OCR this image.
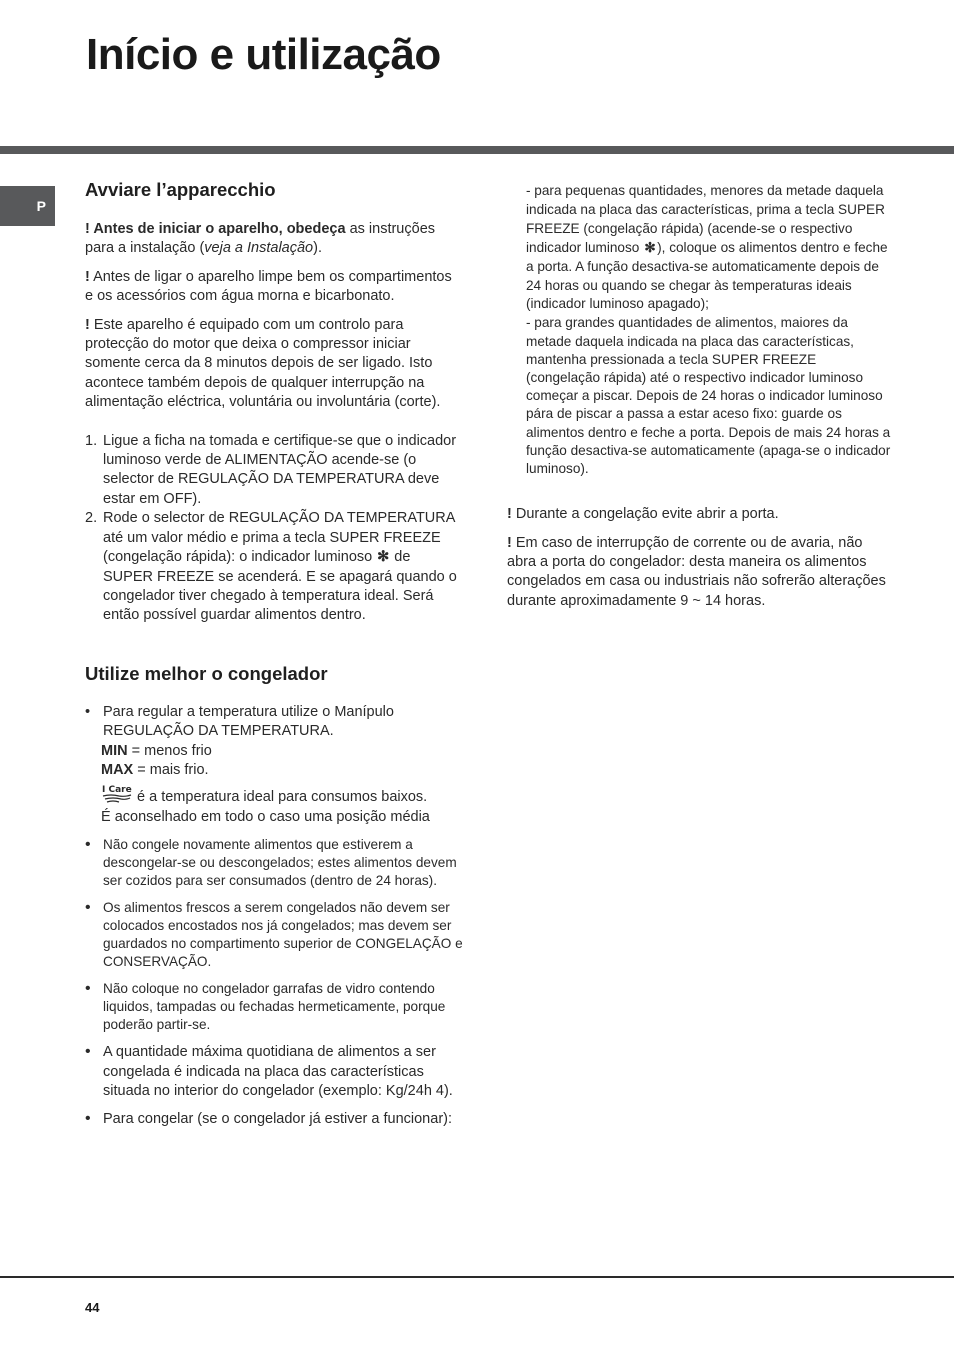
Início e utilização
P
Avviare l’apparecchio

! Antes de iniciar o aparelho, obedeça as instruções para a instalação (veja a Instalação).

! Antes de ligar o aparelho limpe bem os compartimentos e os acessórios com água morna e bicarbonato.

! Este aparelho é equipado com um controlo para protecção do motor que deixa o compressor iniciar somente cerca da 8 minutos depois de ser ligado. Isto acontece também depois de qualquer interrupção na alimentação eléctrica, voluntária ou involuntária (corte).

1. Ligue a ficha na tomada e certifique-se que o indicador luminoso verde de ALIMENTAÇÃO acende-se (o selector de REGULAÇÃO DA TEMPERATURA deve estar em OFF).
2. Rode o selector de REGULAÇÃO DA TEMPERATURA até um valor médio e prima a tecla SUPER FREEZE (congelação rápida): o indicador luminoso ✻ de SUPER FREEZE se acenderá. E se apagará quando o congelador tiver chegado à temperatura ideal. Será então possível guardar alimentos dentro.
Utilize melhor o congelador

• Para regular a temperatura utilize o Manípulo REGULAÇÃO DA TEMPERATURA.

MIN = menos frio

MAX = mais frio.

I Care é a temperatura ideal para consumos baixos.

É aconselhado em todo o caso uma posição média

• Não congele novamente alimentos que estiverem a descongelar-se ou descongelados; estes alimentos devem ser cozidos para ser consumados (dentro de 24 horas).

• Os alimentos frescos a serem congelados não devem ser colocados encostados nos já congelados; mas devem ser guardados no compartimento superior de CONGELAÇÃO e CONSERVAÇÃO.

• Não coloque no congelador garrafas de vidro contendo liquidos, tampadas ou fechadas hermeticamente, porque poderão partir-se.

• A quantidade máxima quotidiana de alimentos a ser congelada é indicada na placa das características situada no interior do congelador (exemplo: Kg/24h 4).

• Para congelar (se o congelador já estiver a funcionar):

- para pequenas quantidades, menores da metade daquela indicada na placa das características, prima a tecla SUPER FREEZE (congelação rápida) (acende-se o respectivo indicador luminoso ✻), coloque os alimentos dentro e feche a porta. A função desactiva-se automaticamente depois de 24 horas ou quando se chegar às temperaturas ideais (indicador luminoso apagado);

- para grandes quantidades de alimentos, maiores da metade daquela indicada na placa das características, mantenha pressionada a tecla SUPER FREEZE (congelação rápida) até o respectivo indicador luminoso começar a piscar. Depois de 24 horas o indicador luminoso pára de piscar a passa a estar aceso fixo: guarde os alimentos dentro e feche a porta. Depois de mais 24 horas a função desactiva-se automaticamente (apaga-se o indicador luminoso).

! Durante a congelação evite abrir a porta.

! Em caso de interrupção de corrente ou de avaria, não abra a porta do congelador: desta maneira os alimentos congelados em casa ou industriais não sofrerão alterações durante aproximadamente 9 ~ 14 horas.

44
